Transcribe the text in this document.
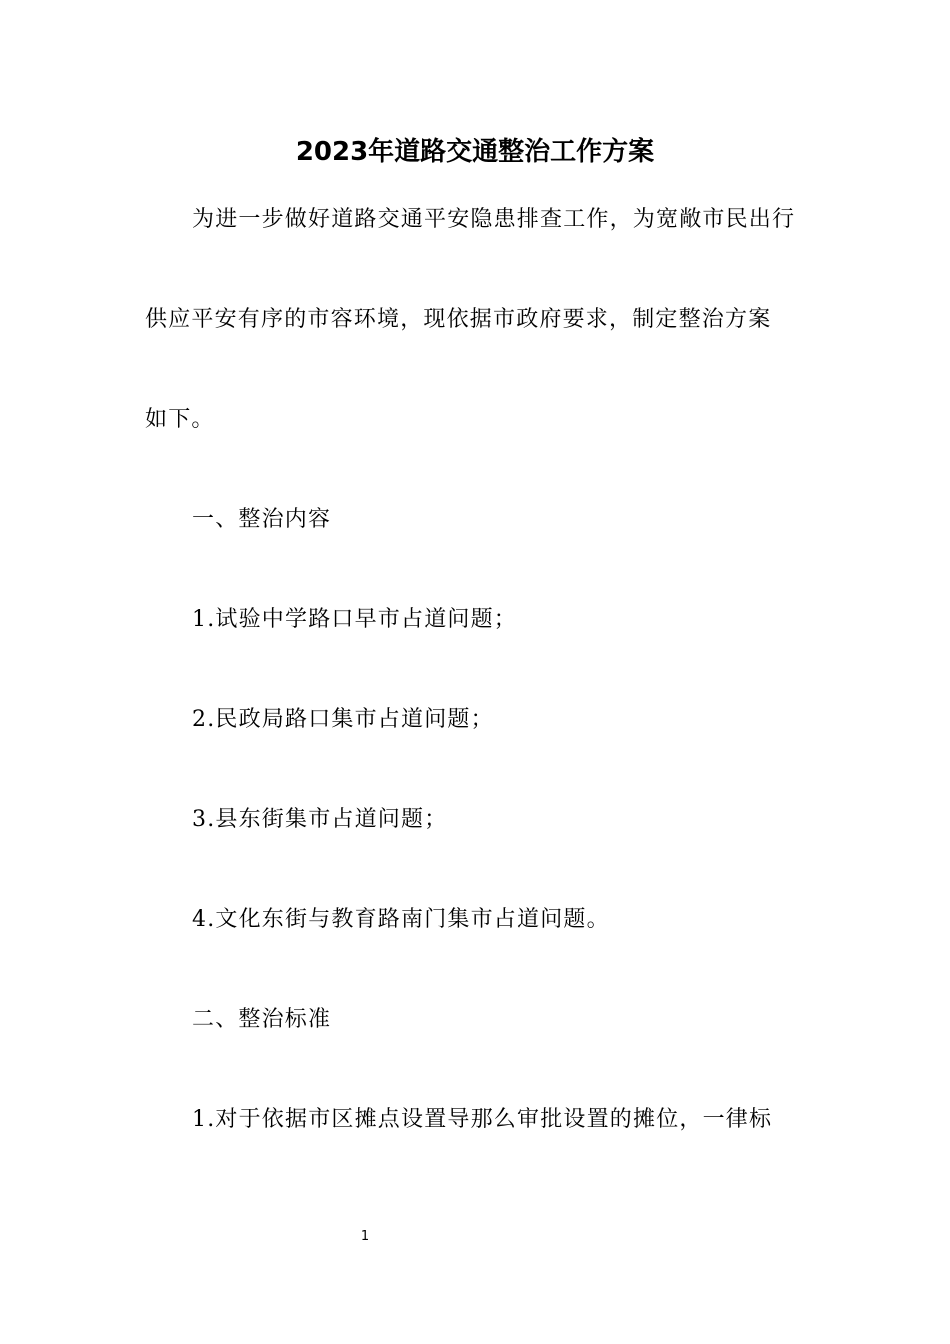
2023年道路交通整治工作方案
为进一步做好道路交通平安隐患排查工作，为宽敞市民出行
供应平安有序的市容环境，现依据市政府要求，制定整治方案
如下。
一、整治内容
1.试验中学路口早市占道问题；
2.民政局路口集市占道问题；
3.县东街集市占道问题；
4.文化东街与教育路南门集市占道问题。
二、整治标准
1.对于依据市区摊点设置导那么审批设置的摊位，一律标
1
